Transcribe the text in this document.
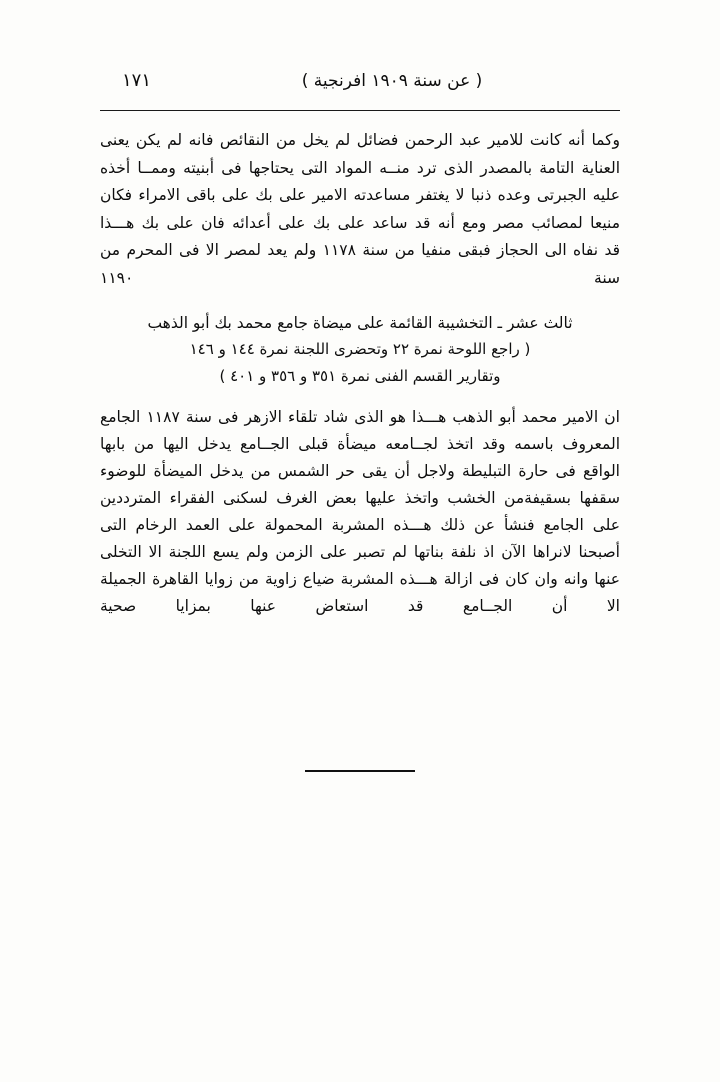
( عن سنة ١٩٠٩ افرنجية )
١٧١

وكما أنه كانت للامير عبد الرحمن فضائل لم يخل من النقائص فانه لم يكن يعنى العناية التامة بالمصدر الذى ترد منــه المواد التى يحتاجها فى أبنيته وممــا أخذه عليه الجبرتى وعده ذنبا لا يغتفر مساعدته الامير على بك على باقى الامراء فكان منيعا لمصائب مصر ومع أنه قد ساعد على بك على أعدائه فان على بك هـــذا قد نفاه الى الحجاز فبقى منفيا من سنة ١١٧٨ ولم يعد لمصر الا فى المحرم من سنة ١١٩٠

ثالث عشر ـ التخشيبة القائمة على ميضاة جامع محمد بك أبو الذهب

( راجع اللوحة نمرة ٢٢ وتحضرى اللجنة نمرة ١٤٤ و ١٤٦

وتقارير القسم الفنى نمرة ٣٥١ و ٣٥٦ و ٤٠١ )

ان الامير محمد أبو الذهب هـــذا هو الذى شاد تلقاء الازهر فى سنة ١١٨٧ الجامع المعروف باسمه وقد اتخذ لجــامعه ميضأة قبلى الجــامع يدخل اليها من بابها الواقع فى حارة التبليطة ولاجل أن يقى حر الشمس من يدخل الميضأة للوضوء سقفها بسقيفةمن الخشب واتخذ عليها بعض الغرف لسكنى الفقراء المترددين على الجامع فنشأ عن ذلك هـــذه المشربة المحمولة على العمد الرخام التى أصبحنا لانراها الآن اذ نلفة بناتها لم تصبر على الزمن ولم يسع اللجنة الا التخلى عنها وانه وان كان فى ازالة هـــذه المشربة ضياع زاوية من زوايا القاهرة الجميلة الا أن الجــامع قد استعاض عنها بمزايا صحية
